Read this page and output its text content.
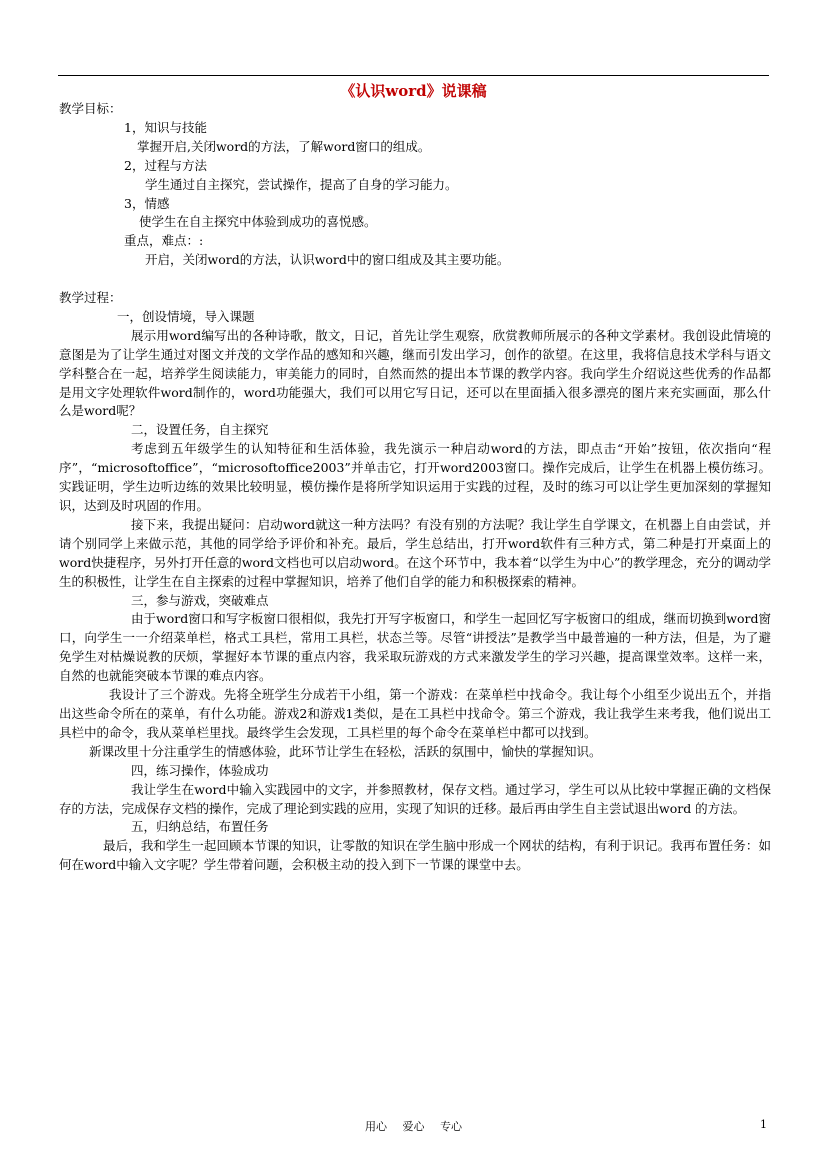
《认识word》说课稿
教学目标：
1，知识与技能
掌握开启,关闭word的方法，了解word窗口的组成。
2，过程与方法
学生通过自主探究，尝试操作，提高了自身的学习能力。
3，情感
使学生在自主探究中体验到成功的喜悦感。
重点，难点：:
开启，关闭word的方法，认识word中的窗口组成及其主要功能。
教学过程：
一，创设情境，导入课题
展示用word编写出的各种诗歌，散文，日记，首先让学生观察，欣赏教师所展示的各种文学素材。我创设此情境的意图是为了让学生通过对图文并茂的文学作品的感知和兴趣，继而引发出学习，创作的欲望。在这里，我将信息技术学科与语文学科整合在一起，培养学生阅读能力，审美能力的同时，自然而然的提出本节课的教学内容。我向学生介绍说这些优秀的作品都是用文字处理软件word制作的，word功能强大，我们可以用它写日记，还可以在里面插入很多漂亮的图片来充实画面，那么什么是word呢？
二，设置任务，自主探究
考虑到五年级学生的认知特征和生活体验，我先演示一种启动word的方法，即点击“开始”按钮，依次指向“程序”，“microsoftoffice”，“microsoftoffice2003”并单击它，打开word2003窗口。操作完成后，让学生在机器上模仿练习。实践证明，学生边听边练的效果比较明显，模仿操作是将所学知识运用于实践的过程，及时的练习可以让学生更加深刻的掌握知识，达到及时巩固的作用。
接下来，我提出疑问：启动word就这一种方法吗？有没有别的方法呢？我让学生自学课文，在机器上自由尝试，并请个别同学上来做示范，其他的同学给予评价和补充。最后，学生总结出，打开word软件有三种方式，第二种是打开桌面上的word快捷程序，另外打开任意的word文档也可以启动word。在这个环节中，我本着“以学生为中心”的教学理念，充分的调动学生的积极性，让学生在自主探索的过程中掌握知识，培养了他们自学的能力和积极探索的精神。
三，参与游戏，突破难点
由于word窗口和写字板窗口很相似，我先打开写字板窗口，和学生一起回忆写字板窗口的组成，继而切换到word窗口，向学生一一介绍菜单栏，格式工具栏，常用工具栏，状态兰等。尽管“讲授法”是教学当中最普遍的一种方法，但是，为了避免学生对枯燥说教的厌烦，掌握好本节课的重点内容，我采取玩游戏的方式来激发学生的学习兴趣，提高课堂效率。这样一来，自然的也就能突破本节课的难点内容。
我设计了三个游戏。先将全班学生分成若干小组，第一个游戏：在菜单栏中找命令。我让每个小组至少说出五个，并指出这些命令所在的菜单，有什么功能。游戏2和游戏1类似，是在工具栏中找命令。第三个游戏，我让我学生来考我，他们说出工具栏中的命令，我从菜单栏里找。最终学生会发现，工具栏里的每个命令在菜单栏中都可以找到。
新课改里十分注重学生的情感体验，此环节让学生在轻松，活跃的氛围中，愉快的掌握知识。
四，练习操作，体验成功
我让学生在word中输入实践园中的文字，并参照教材，保存文档。通过学习，学生可以从比较中掌握正确的文档保存的方法，完成保存文档的操作，完成了理论到实践的应用，实现了知识的迁移。最后再由学生自主尝试退出word 的方法。
五，归纳总结，布置任务
最后，我和学生一起回顾本节课的知识，让零散的知识在学生脑中形成一个网状的结构，有利于识记。我再布置任务：如何在word中输入文字呢？学生带着问题，会积极主动的投入到下一节课的课堂中去。
用心 爱心 专心	1
